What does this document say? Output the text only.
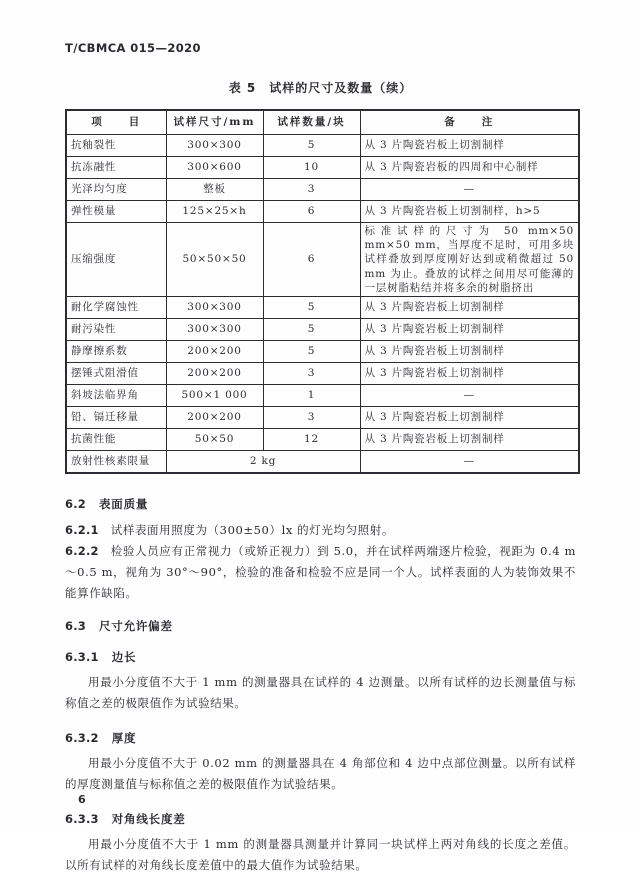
T/CBMCA 015—2020
表 5　试样的尺寸及数量（续）
项　　目	试样尺寸/mm	试样数量/块	备　　注
抗釉裂性	300×300	5	从 3 片陶瓷岩板上切割制样
抗冻融性	300×600	10	从 3 片陶瓷岩板的四周和中心制样
光泽均匀度	整板	3	—
弹性模量	125×25×h	6	从 3 片陶瓷岩板上切割制样，h>5
压缩强度	50×50×50	6	标准试样的尺寸为 50 mm×50 mm×50 mm，当厚度不足时，可用多块试样叠放到厚度刚好达到或稍微超过 50 mm 为止。叠放的试样之间用尽可能薄的一层树脂粘结并将多余的树脂挤出
耐化学腐蚀性	300×300	5	从 3 片陶瓷岩板上切割制样
耐污染性	300×300	5	从 3 片陶瓷岩板上切割制样
静摩擦系数	200×200	5	从 3 片陶瓷岩板上切割制样
摆锤式阻滑值	200×200	3	从 3 片陶瓷岩板上切割制样
斜坡法临界角	500×1 000	1	—
铅、镉迁移量	200×200	3	从 3 片陶瓷岩板上切割制样
抗菌性能	50×50	12	从 3 片陶瓷岩板上切割制样
放射性核素限量	2 kg		—
6.2 表面质量

6.2.1 试样表面用照度为（300±50）lx 的灯光均匀照射。

6.2.2 检验人员应有正常视力（或矫正视力）到 5.0，并在试样两端逐片检验，视距为 0.4 m～0.5 m，视角为 30°～90°，检验的准备和检验不应是同一个人。试样表面的人为装饰效果不能算作缺陷。

6.3 尺寸允许偏差
6.3.1 边长

用最小分度值不大于 1 mm 的测量器具在试样的 4 边测量。以所有试样的边长测量值与标称值之差的极限值作为试验结果。

6.3.2 厚度

用最小分度值不大于 0.02 mm 的测量器具在 4 角部位和 4 边中点部位测量。以所有试样的厚度测量值与标称值之差的极限值作为试验结果。

6.3.3 对角线长度差

用最小分度值不大于 1 mm 的测量器具测量并计算同一块试样上两对角线的长度之差值。以所有试样的对角线长度差值中的最大值作为试验结果。

6
